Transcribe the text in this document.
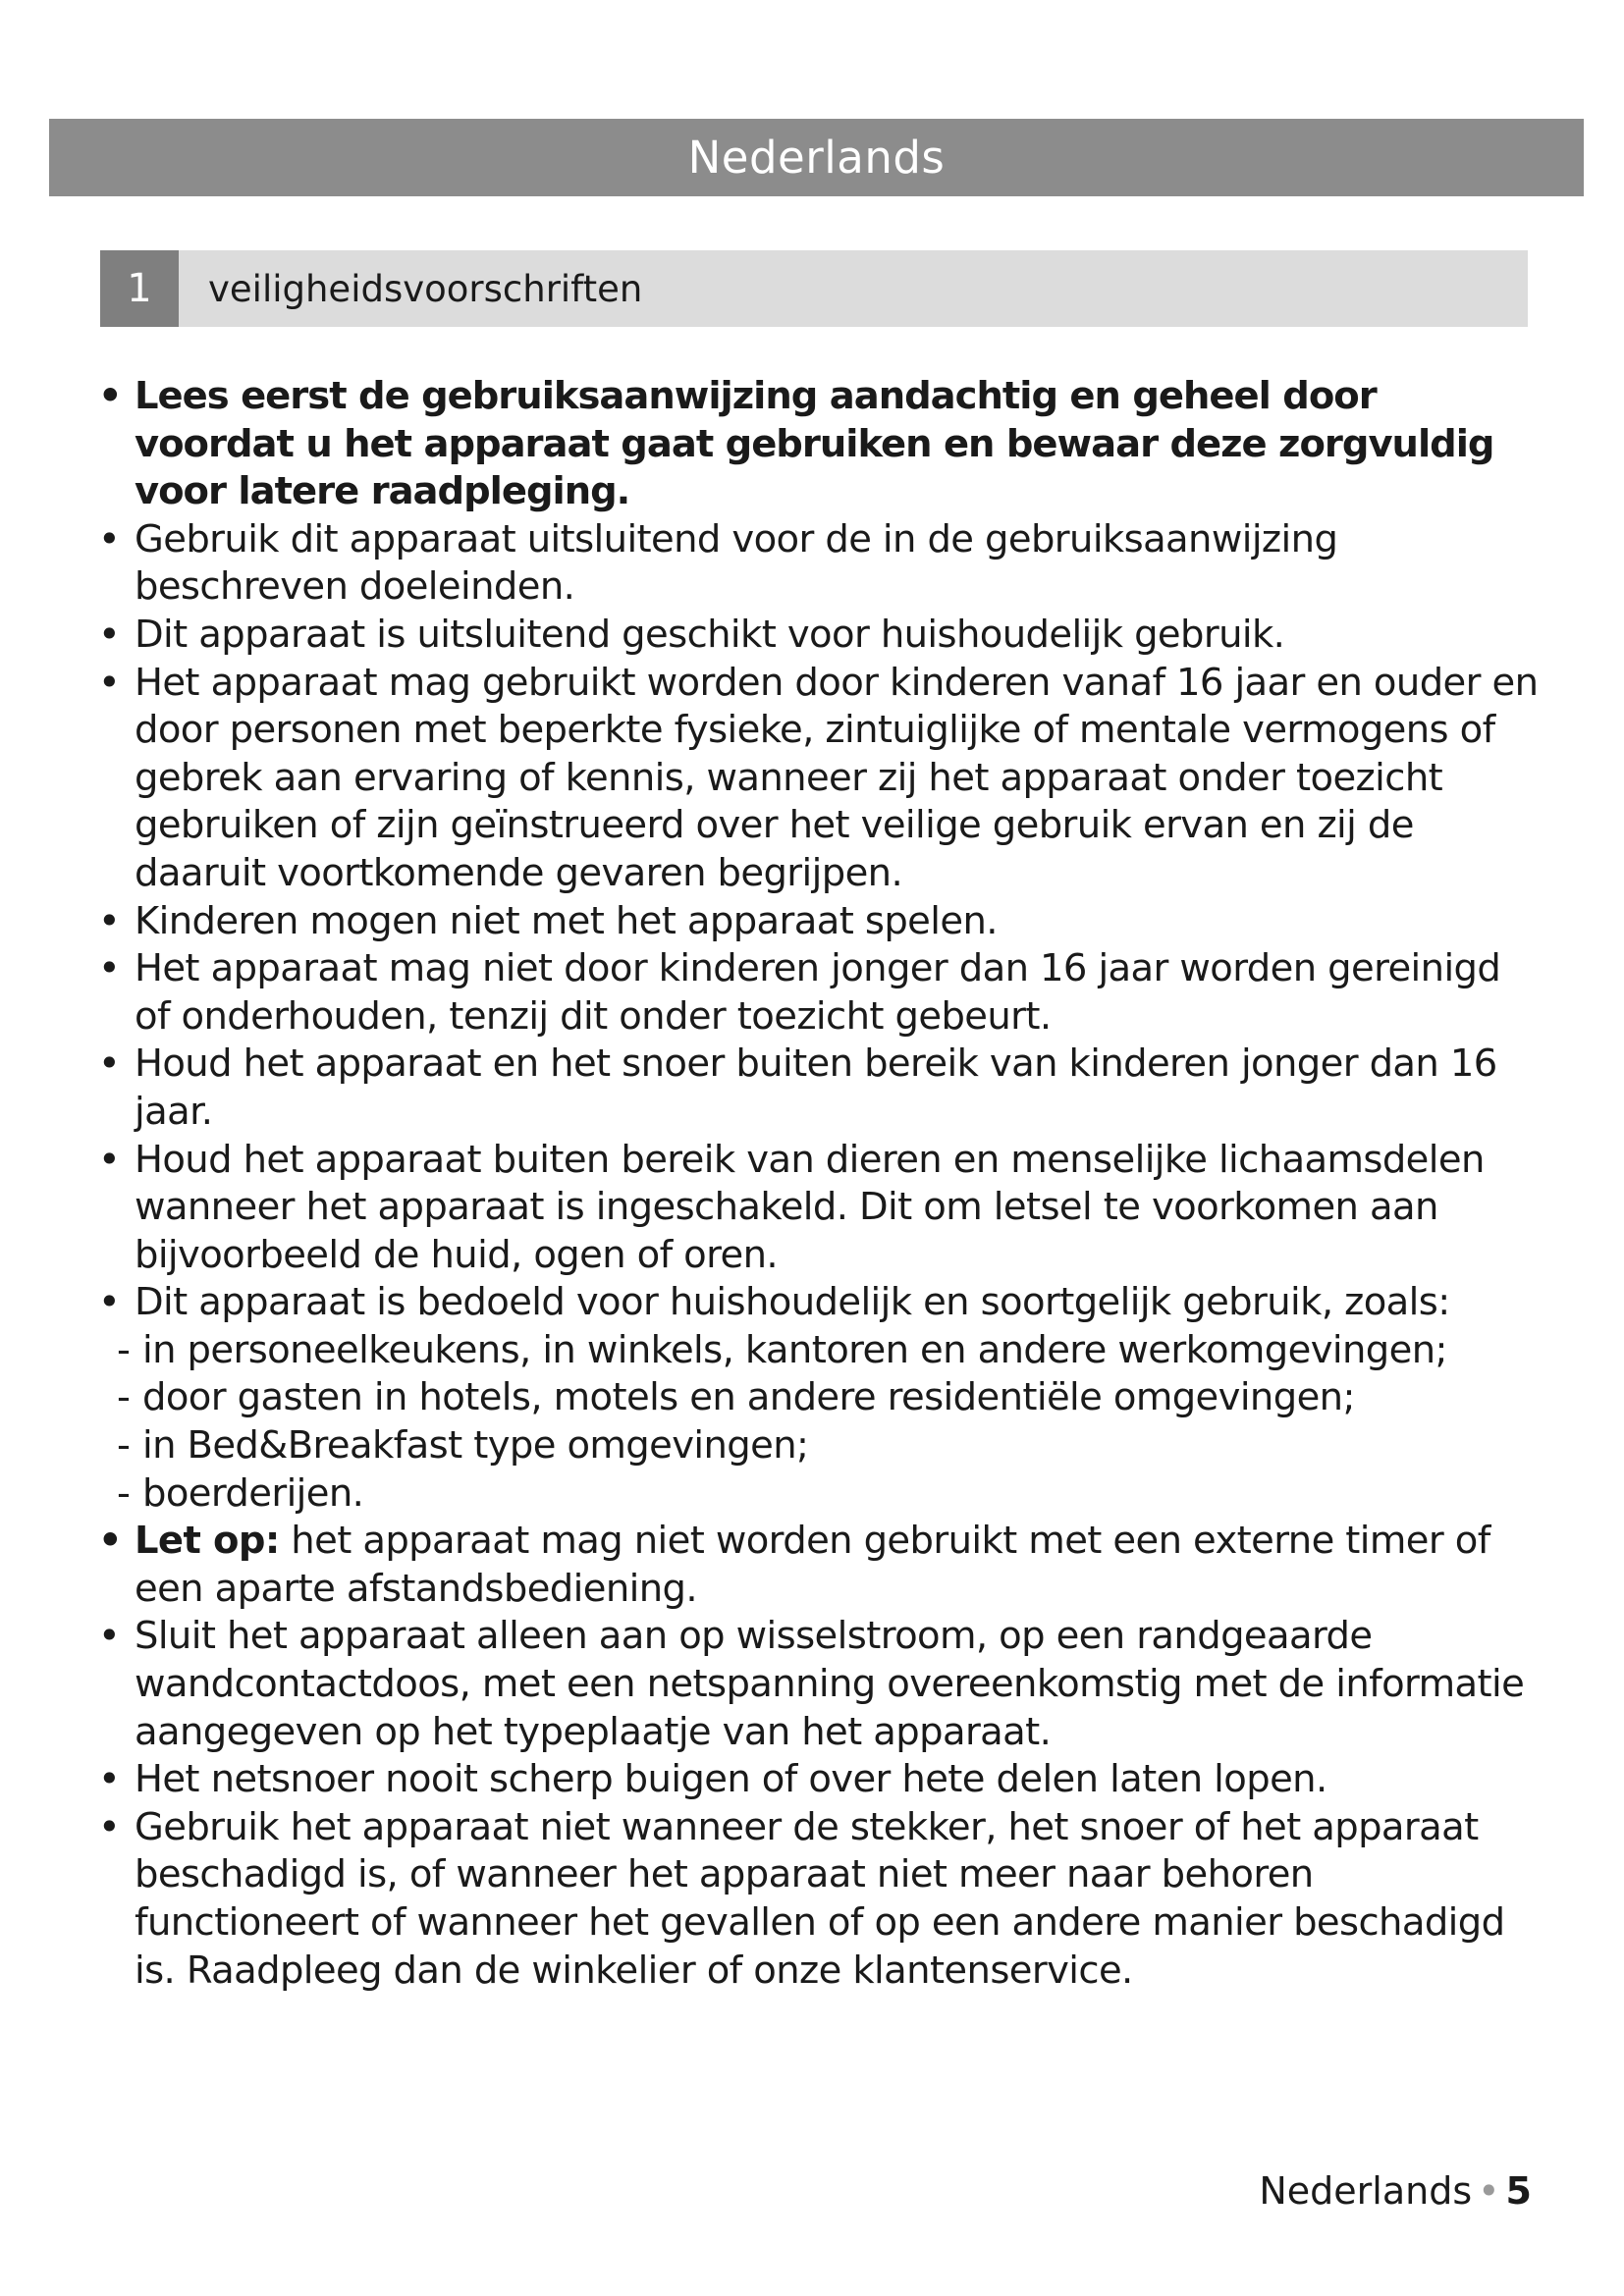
Nederlands
1	veiligheidsvoorschriften
• Lees eerst de gebruiksaanwijzing aandachtig en geheel door voordat u het apparaat gaat gebruiken en bewaar deze zorgvuldig voor latere raadpleging.
• Gebruik dit apparaat uitsluitend voor de in de gebruiksaanwijzing beschreven doeleinden.
• Dit apparaat is uitsluitend geschikt voor huishoudelijk gebruik.
• Het apparaat mag gebruikt worden door kinderen vanaf 16 jaar en ouder en door personen met beperkte fysieke, zintuiglijke of mentale vermogens of gebrek aan ervaring of kennis, wanneer zij het apparaat onder toezicht gebruiken of zijn geïnstrueerd over het veilige gebruik ervan en zij de daaruit voortkomende gevaren begrijpen.
• Kinderen mogen niet met het apparaat spelen.
• Het apparaat mag niet door kinderen jonger dan 16 jaar worden gereinigd of onderhouden, tenzij dit onder toezicht gebeurt.
• Houd het apparaat en het snoer buiten bereik van kinderen jonger dan 16 jaar.
• Houd het apparaat buiten bereik van dieren en menselijke lichaamsdelen wanneer het apparaat is ingeschakeld. Dit om letsel te voorkomen aan bijvoorbeeld de huid, ogen of oren.
• Dit apparaat is bedoeld voor huishoudelijk en soortgelijk gebruik, zoals:
- in personeelkeukens, in winkels, kantoren en andere werkomgevingen;
- door gasten in hotels, motels en andere residentiële omgevingen;
- in Bed&Breakfast type omgevingen;
- boerderijen.
• Let op: het apparaat mag niet worden gebruikt met een externe timer of een aparte afstandsbediening.
• Sluit het apparaat alleen aan op wisselstroom, op een randgeaarde wandcontactdoos, met een netspanning overeenkomstig met de informatie aangegeven op het typeplaatje van het apparaat.
• Het netsnoer nooit scherp buigen of over hete delen laten lopen.
• Gebruik het apparaat niet wanneer de stekker, het snoer of het apparaat beschadigd is, of wanneer het apparaat niet meer naar behoren functioneert of wanneer het gevallen of op een andere manier beschadigd is. Raadpleeg dan de winkelier of onze klantenservice.
Nederlands • 5
